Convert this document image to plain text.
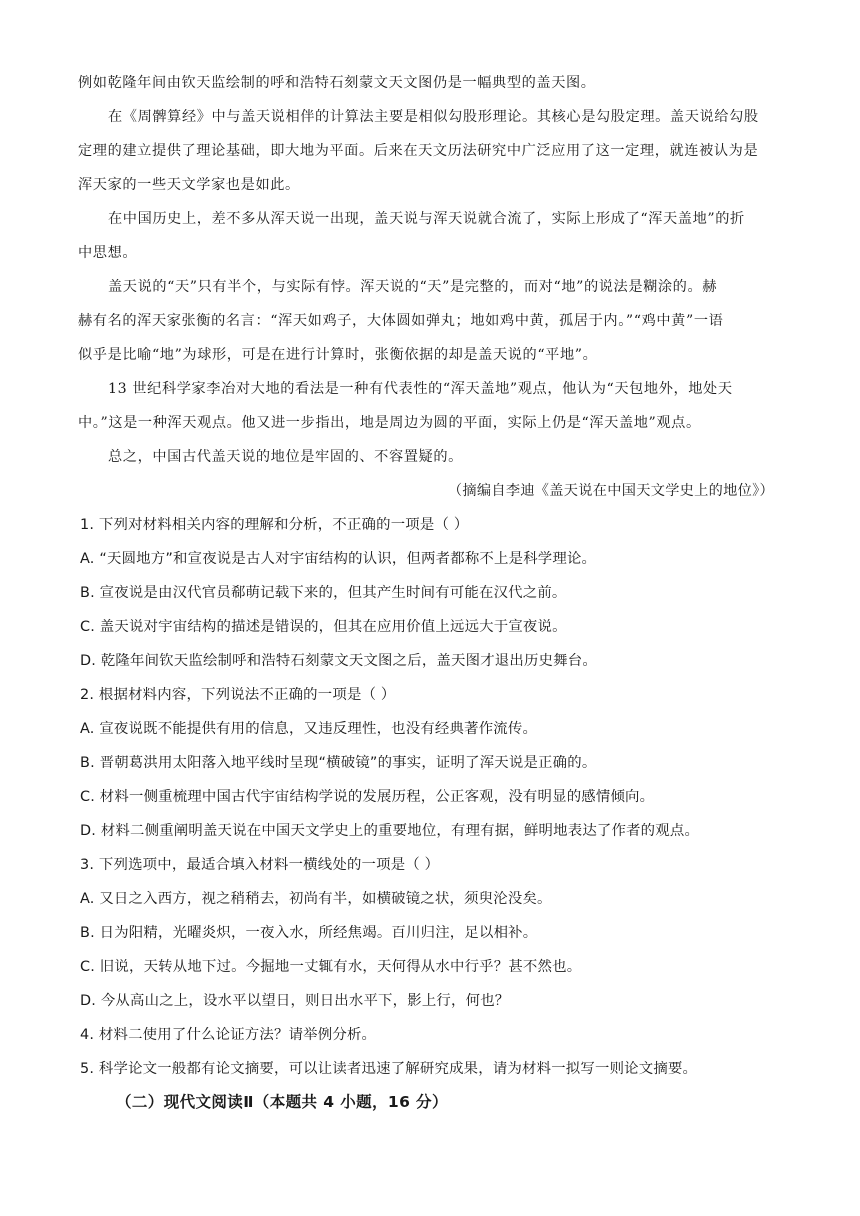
例如乾隆年间由钦天监绘制的呼和浩特石刻蒙文天文图仍是一幅典型的盖天图。
在《周髀算经》中与盖天说相伴的计算法主要是相似勾股形理论。其核心是勾股定理。盖天说给勾股
定理的建立提供了理论基础，即大地为平面。后来在天文历法研究中广泛应用了这一定理，就连被认为是
浑天家的一些天文学家也是如此。
在中国历史上，差不多从浑天说一出现，盖天说与浑天说就合流了，实际上形成了“浑天盖地”的折
中思想。
盖天说的“天”只有半个，与实际有悖。浑天说的“天”是完整的，而对“地”的说法是糊涂的。赫
赫有名的浑天家张衡的名言：“浑天如鸡子，大体圆如弹丸；地如鸡中黄，孤居于内。”“鸡中黄”一语
似乎是比喻“地”为球形，可是在进行计算时，张衡依据的却是盖天说的“平地”。
13 世纪科学家李冶对大地的看法是一种有代表性的“浑天盖地”观点，他认为“天包地外，地处天
中。”这是一种浑天观点。他又进一步指出，地是周边为圆的平面，实际上仍是“浑天盖地”观点。
总之，中国古代盖天说的地位是牢固的、不容置疑的。
（摘编自李迪《盖天说在中国天文学史上的地位》）
1. 下列对材料相关内容的理解和分析，不正确的一项是（ ）
A. “天圆地方”和宣夜说是古人对宇宙结构的认识，但两者都称不上是科学理论。
B. 宣夜说是由汉代官员郗萌记载下来的，但其产生时间有可能在汉代之前。
C. 盖天说对宇宙结构的描述是错误的，但其在应用价值上远远大于宣夜说。
D. 乾隆年间钦天监绘制呼和浩特石刻蒙文天文图之后，盖天图才退出历史舞台。
2. 根据材料内容，下列说法不正确的一项是（ ）
A. 宣夜说既不能提供有用的信息，又违反理性，也没有经典著作流传。
B. 晋朝葛洪用太阳落入地平线时呈现“横破镜”的事实，证明了浑天说是正确的。
C. 材料一侧重梳理中国古代宇宙结构学说的发展历程，公正客观，没有明显的感情倾向。
D. 材料二侧重阐明盖天说在中国天文学史上的重要地位，有理有据，鲜明地表达了作者的观点。
3. 下列选项中，最适合填入材料一横线处的一项是（ ）
A. 又日之入西方，视之稍稍去，初尚有半，如横破镜之状，须臾沦没矣。
B. 日为阳精，光曜炎炽，一夜入水，所经焦竭。百川归注，足以相补。
C. 旧说，天转从地下过。今掘地一丈辄有水，天何得从水中行乎？甚不然也。
D. 今从高山之上，设水平以望日，则日出水平下，影上行，何也？
4. 材料二使用了什么论证方法？请举例分析。
5. 科学论文一般都有论文摘要，可以让读者迅速了解研究成果，请为材料一拟写一则论文摘要。
（二）现代文阅读Ⅱ（本题共 4 小题，16 分）
